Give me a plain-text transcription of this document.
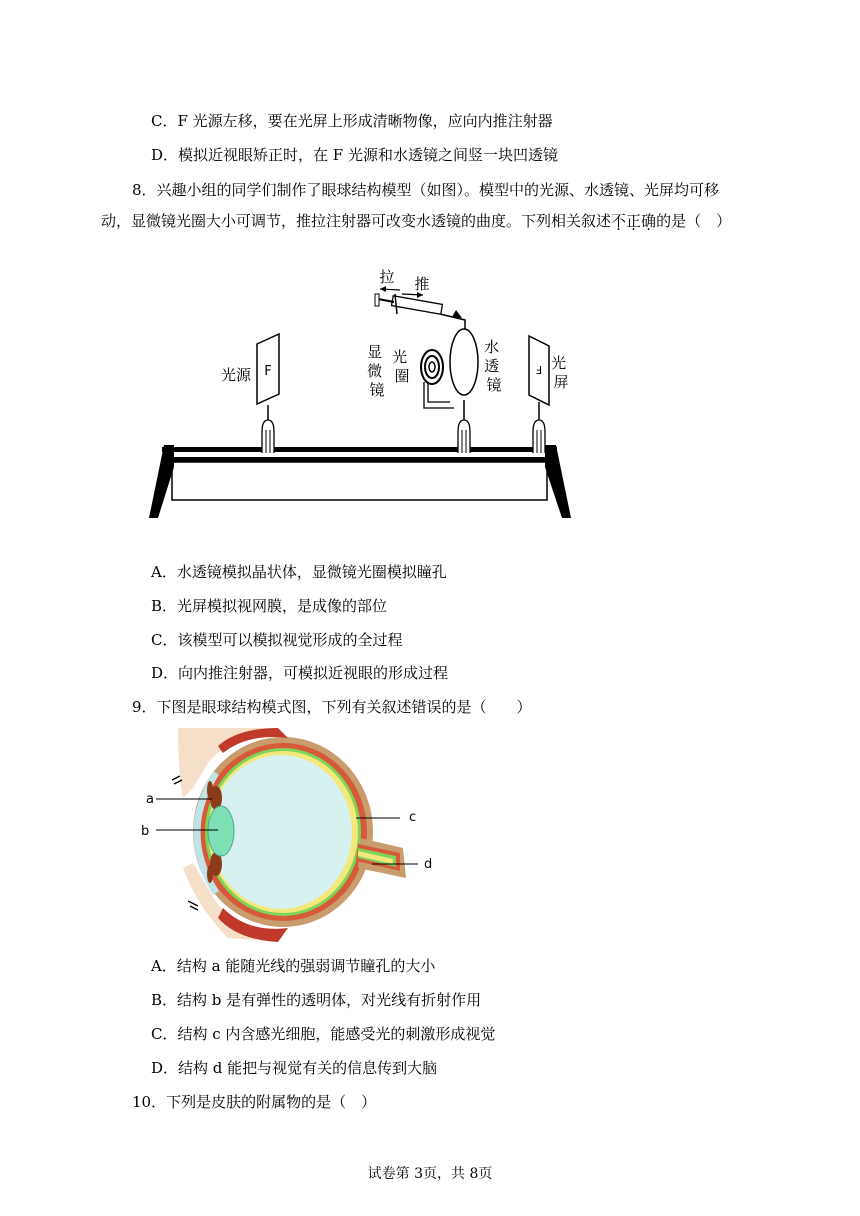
C．F 光源左移，要在光屏上形成清晰物像，应向内推注射器
D．模拟近视眼矫正时，在 F 光源和水透镜之间竖一块凹透镜
8．兴趣小组的同学们制作了眼球结构模型（如图）。模型中的光源、水透镜、光屏均可移
动，显微镜光圈大小可调节，推拉注射器可改变水透镜的曲度。下列相关叙述不正确的是（　）
F
光源
拉 推
显 微 镜
光 圈
水 透 镜
F 光 屏
A．水透镜模拟晶状体，显微镜光圈模拟瞳孔
B．光屏模拟视网膜，是成像的部位
C．该模型可以模拟视觉形成的全过程
D．向内推注射器，可模拟近视眼的形成过程
9．下图是眼球结构模式图，下列有关叙述错误的是（　　）
a
b
c
d
A．结构 a 能随光线的强弱调节瞳孔的大小
B．结构 b 是有弹性的透明体，对光线有折射作用
C．结构 c 内含感光细胞，能感受光的刺激形成视觉
D．结构 d 能把与视觉有关的信息传到大脑
10．下列是皮肤的附属物的是（　）
试卷第 3页，共 8页
